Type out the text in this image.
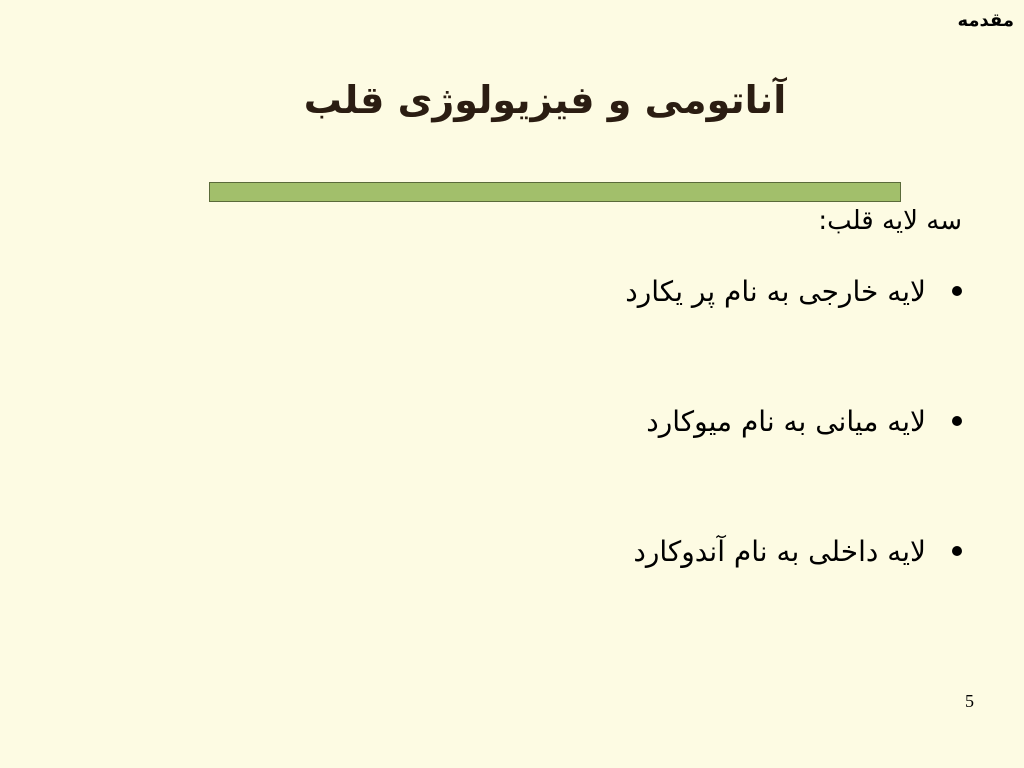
مقدمه
آناتومی و فیزیولوژی قلب
سه لایه قلب:
لایه خارجی به نام پر یکارد
لایه میانی به نام میوکارد
لایه داخلی به نام آندوکارد
5
